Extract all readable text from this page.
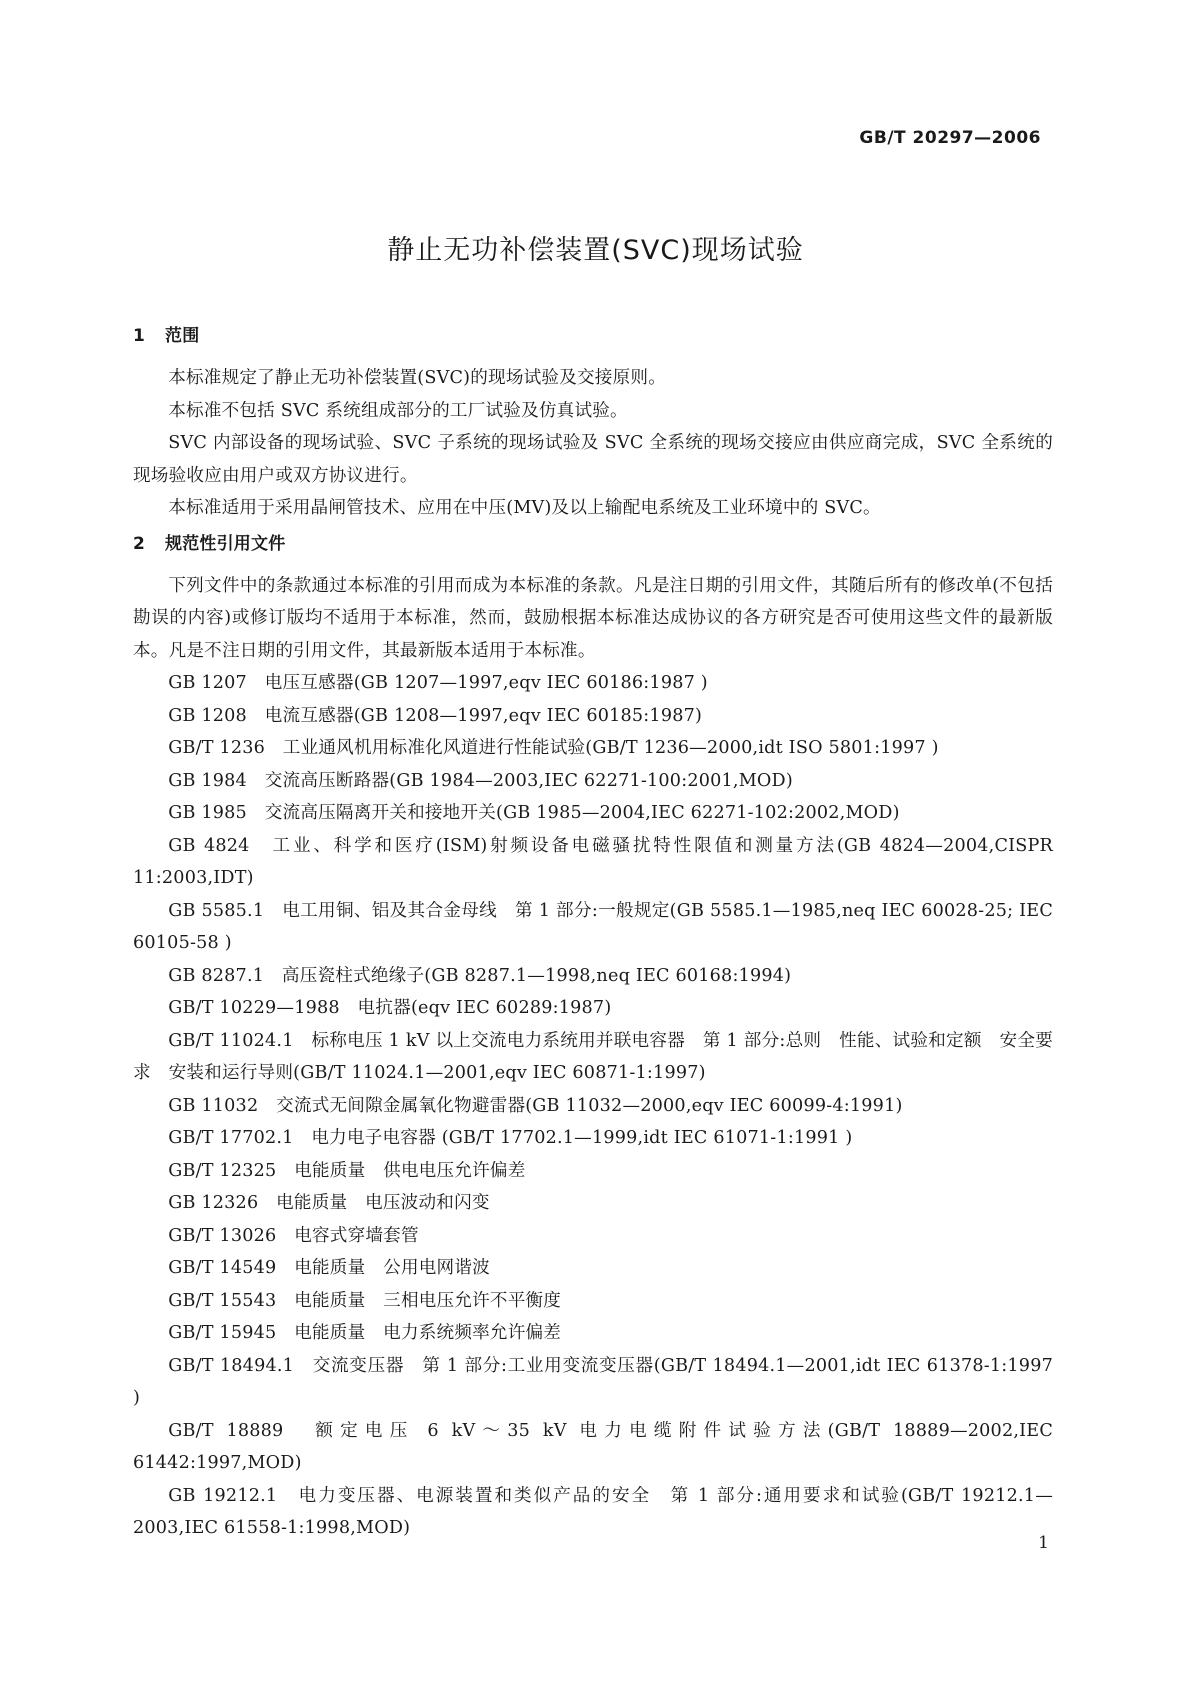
GB/T 20297—2006
静止无功补偿装置(SVC)现场试验
1 范围

本标准规定了静止无功补偿装置(SVC)的现场试验及交接原则。

本标准不包括 SVC 系统组成部分的工厂试验及仿真试验。

SVC 内部设备的现场试验、SVC 子系统的现场试验及 SVC 全系统的现场交接应由供应商完成，SVC 全系统的现场验收应由用户或双方协议进行。

本标准适用于采用晶闸管技术、应用在中压(MV)及以上输配电系统及工业环境中的 SVC。

2 规范性引用文件

下列文件中的条款通过本标准的引用而成为本标准的条款。凡是注日期的引用文件，其随后所有的修改单(不包括勘误的内容)或修订版均不适用于本标准，然而，鼓励根据本标准达成协议的各方研究是否可使用这些文件的最新版本。凡是不注日期的引用文件，其最新版本适用于本标准。

GB 1207　电压互感器(GB 1207—1997,eqv IEC 60186:1987 )

GB 1208　电流互感器(GB 1208—1997,eqv IEC 60185:1987)

GB/T 1236　工业通风机用标准化风道进行性能试验(GB/T 1236—2000,idt ISO 5801:1997 )

GB 1984　交流高压断路器(GB 1984—2003,IEC 62271-100:2001,MOD)

GB 1985　交流高压隔离开关和接地开关(GB 1985—2004,IEC 62271-102:2002,MOD)

GB 4824　工业、科学和医疗(ISM)射频设备电磁骚扰特性限值和测量方法(GB 4824—2004,CISPR 11:2003,IDT)

GB 5585.1　电工用铜、铝及其合金母线　第 1 部分:一般规定(GB 5585.1—1985,neq IEC 60028-25; IEC 60105-58 )

GB 8287.1　高压瓷柱式绝缘子(GB 8287.1—1998,neq IEC 60168:1994)

GB/T 10229—1988　电抗器(eqv IEC 60289:1987)

GB/T 11024.1　标称电压 1 kV 以上交流电力系统用并联电容器　第 1 部分:总则　性能、试验和定额　安全要求　安装和运行导则(GB/T 11024.1—2001,eqv IEC 60871-1:1997)

GB 11032　交流式无间隙金属氧化物避雷器(GB 11032—2000,eqv IEC 60099-4:1991)

GB/T 17702.1　电力电子电容器 (GB/T 17702.1—1999,idt IEC 61071-1:1991 )

GB/T 12325　电能质量　供电电压允许偏差

GB 12326　电能质量　电压波动和闪变

GB/T 13026　电容式穿墙套管

GB/T 14549　电能质量　公用电网谐波

GB/T 15543　电能质量　三相电压允许不平衡度

GB/T 15945　电能质量　电力系统频率允许偏差

GB/T 18494.1　交流变压器　第 1 部分:工业用变流变压器(GB/T 18494.1—2001,idt IEC 61378-1:1997 )

GB/T 18889　额定电压 6 kV～35 kV 电力电缆附件试验方法(GB/T 18889—2002,IEC 61442:1997,MOD)

GB 19212.1　电力变压器、电源装置和类似产品的安全　第 1 部分:通用要求和试验(GB/T 19212.1—2003,IEC 61558-1:1998,MOD)

1
